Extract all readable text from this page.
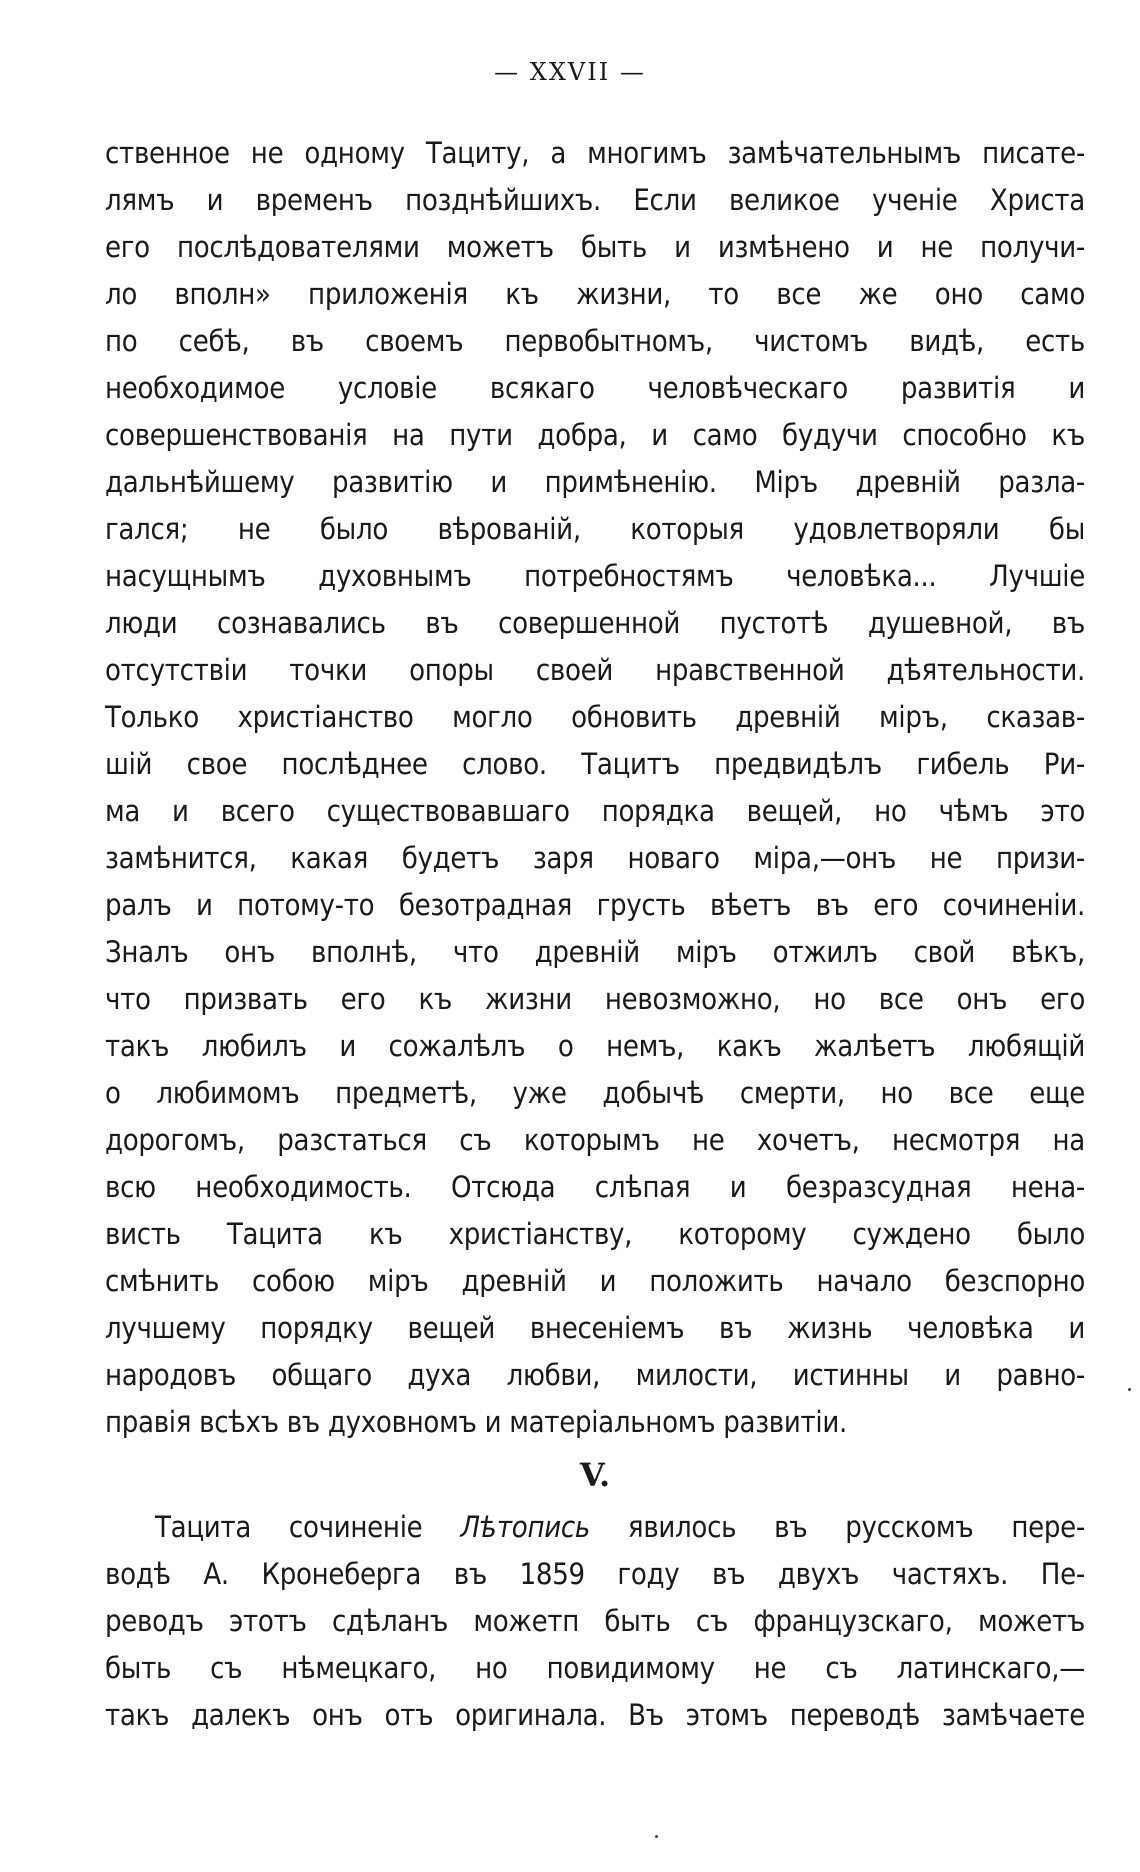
— XXVII —
ственное не одному Тациту, а многимъ замѣчательнымъ писате-
лямъ и временъ позднѣйшихъ. Если великое ученіе Христа
его послѣдователями можетъ быть и измѣнено и не получи-
ло вполн» приложенія къ жизни, то все же оно само
по себѣ, въ своемъ первобытномъ, чистомъ видѣ, есть
необходимое условіе всякаго человѣческаго развитія и
совершенствованія на пути добра, и само будучи способно къ
дальнѣйшему развитію и примѣненію. Міръ древній разла-
гался; не было вѣрованій, которыя удовлетворяли бы
насущнымъ духовнымъ потребностямъ человѣка... Лучшіе
люди сознавались въ совершенной пустотѣ душевной, въ
отсутствіи точки опоры своей нравственной дѣятельности.
Только христіанство могло обновить древній міръ, сказав-
шій свое послѣднее слово. Тацитъ предвидѣлъ гибель Ри-
ма и всего существовавшаго порядка вещей, но чѣмъ это
замѣнится, какая будетъ заря новаго міра,—онъ не призи-
ралъ и потому-то безотрадная грусть вѣетъ въ его сочиненіи.
Зналъ онъ вполнѣ, что древній міръ отжилъ свой вѣкъ,
что призвать его къ жизни невозможно, но все онъ его
такъ любилъ и сожалѣлъ о немъ, какъ жалѣетъ любящій
о любимомъ предметѣ, уже добычѣ смерти, но все еще
дорогомъ, разстаться съ которымъ не хочетъ, несмотря на
всю необходимость. Отсюда слѣпая и безразсудная нена-
висть Тацита къ христіанству, которому суждено было
смѣнить собою міръ древній и положить начало безспорно
лучшему порядку вещей внесеніемъ въ жизнь человѣка и
народовъ общаго духа любви, милости, истинны и равно-
правія всѣхъ въ духовномъ и матеріальномъ развитіи.
V.
Тацита сочиненіе Лѣтопись явилось въ русскомъ пере-
водѣ А. Кронеберга въ 1859 году въ двухъ частяхъ. Пе-
реводъ этотъ сдѣланъ можетп быть съ французскаго, можетъ
быть съ нѣмецкаго, но повидимому не съ латинскаго,—
такъ далекъ онъ отъ оригинала. Въ этомъ переводѣ замѣчаете
